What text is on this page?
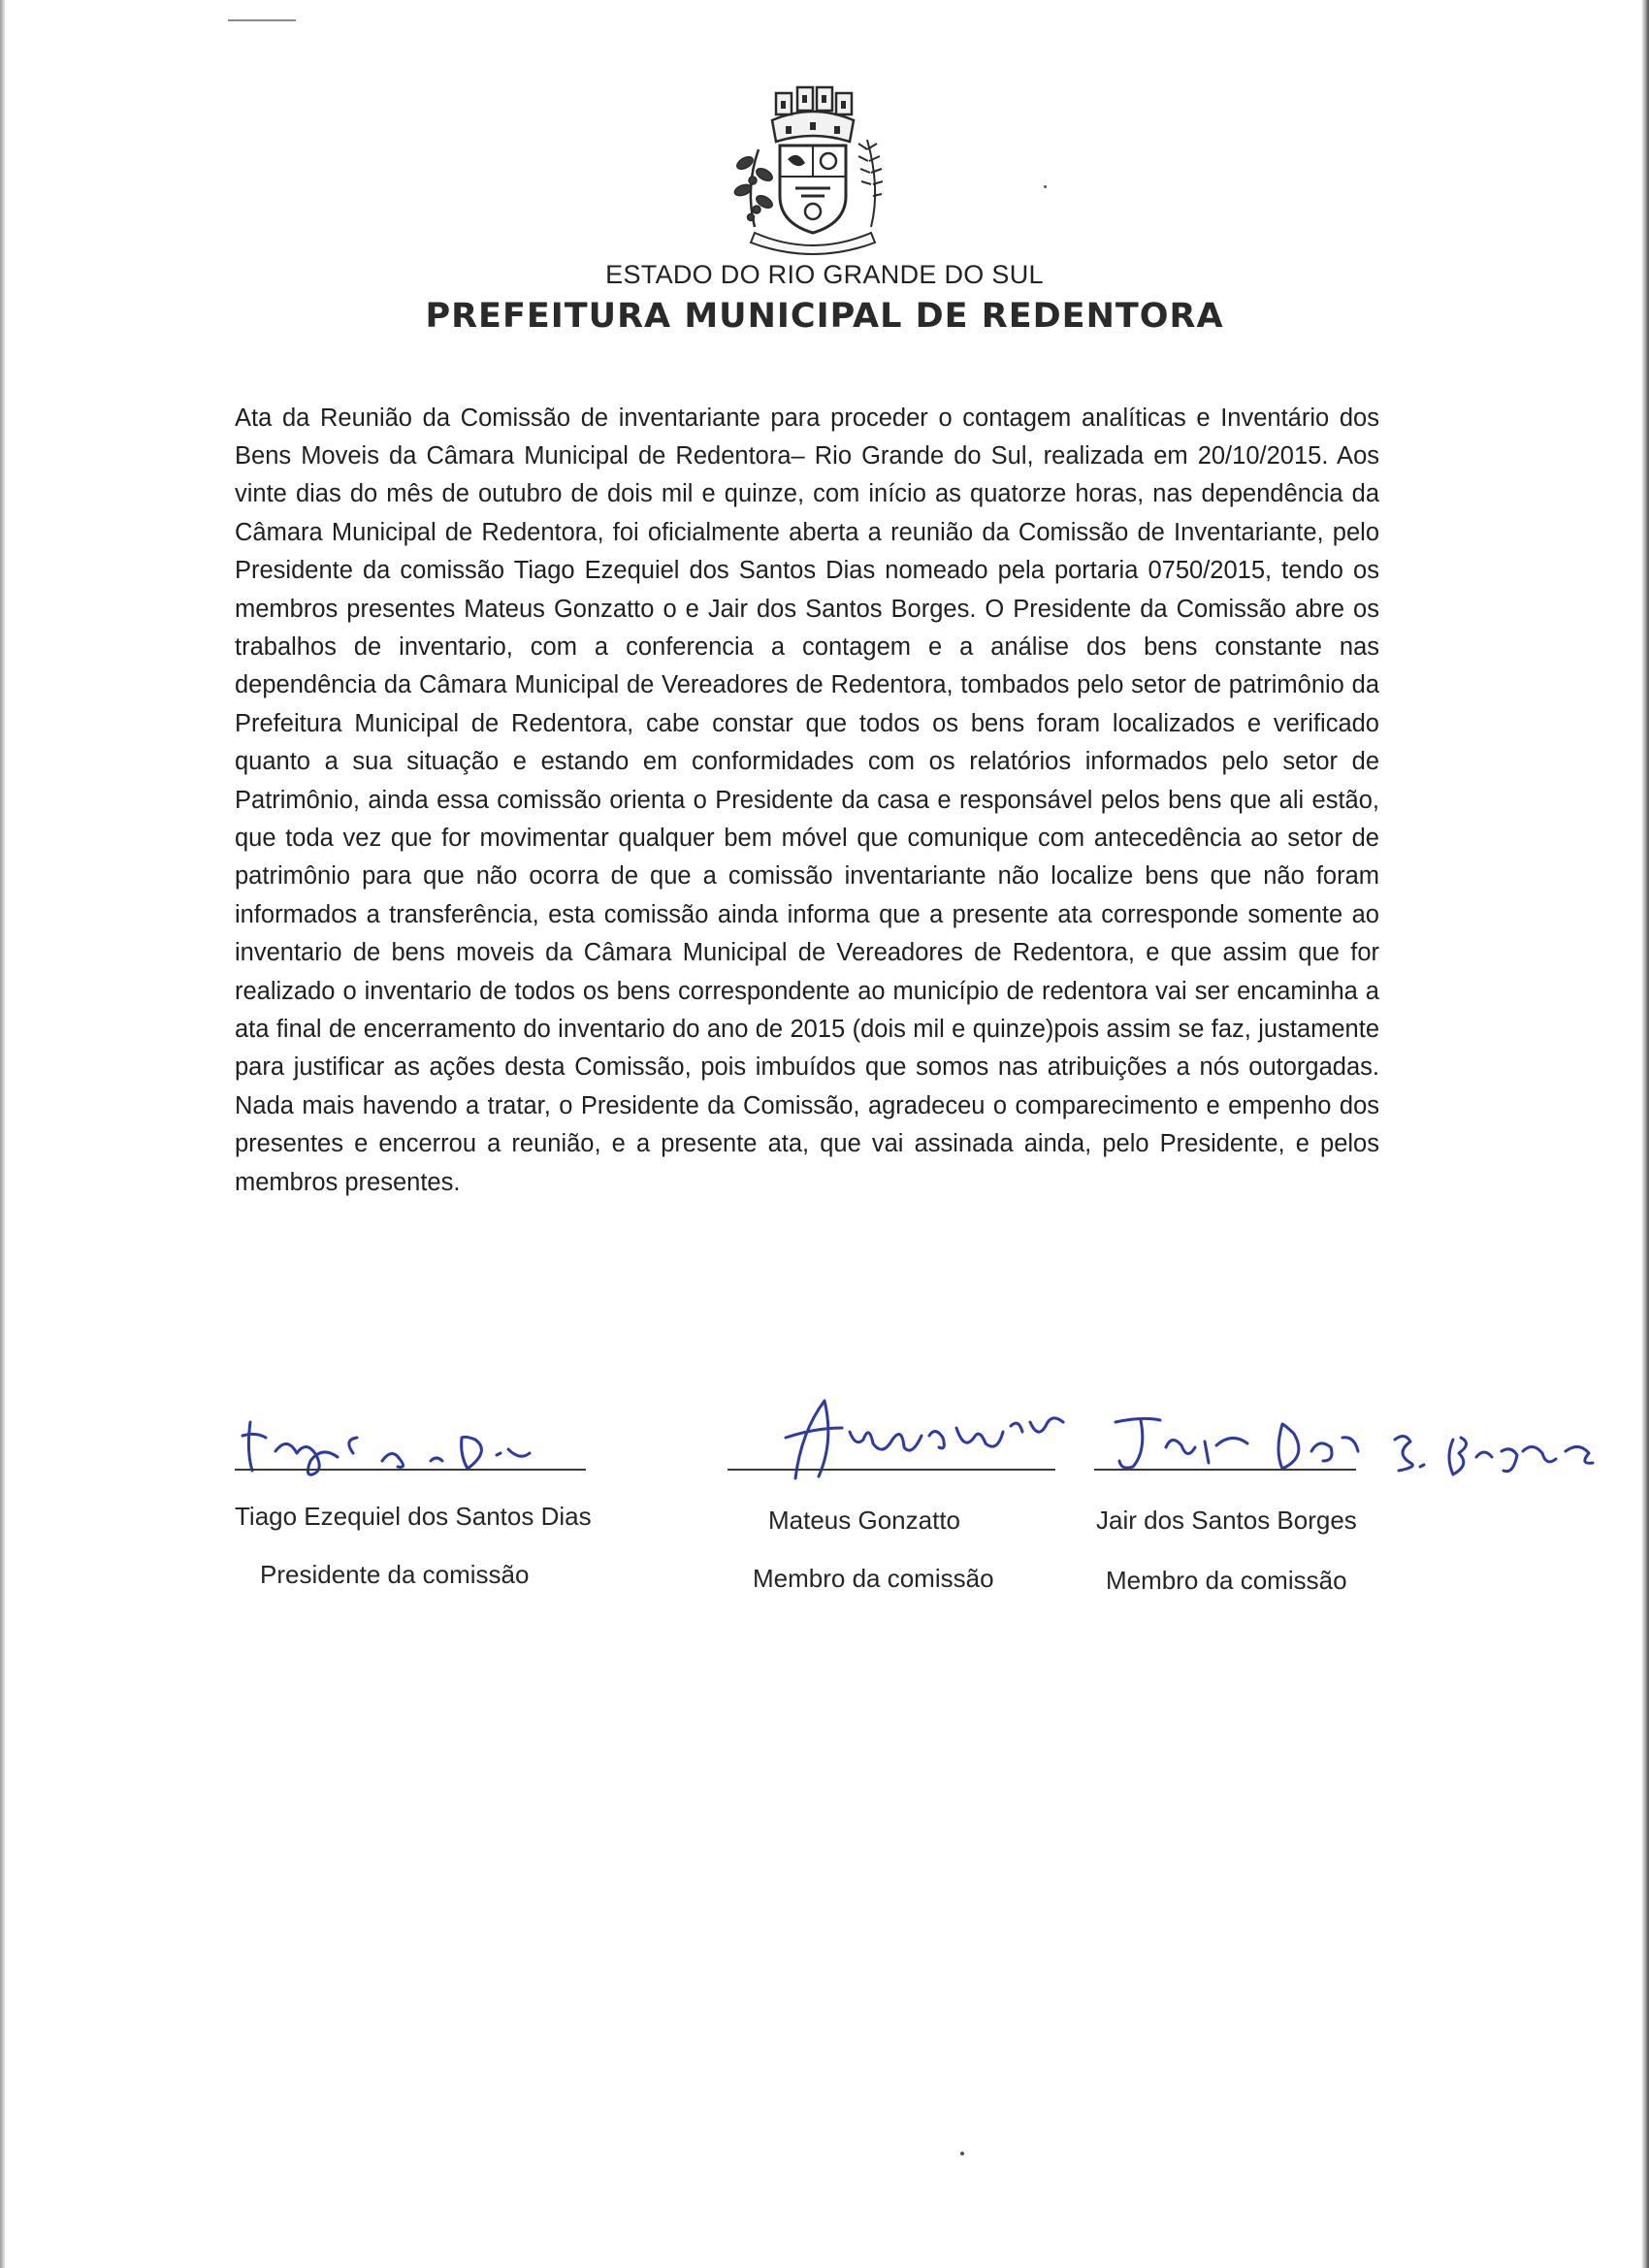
ESTADO DO RIO GRANDE DO SUL
PREFEITURA MUNICIPAL DE REDENTORA

Ata da Reunião da Comissão de inventariante para proceder o contagem analíticas e Inventário dos Bens Moveis da Câmara Municipal de Redentora– Rio Grande do Sul, realizada em 20/10/2015. Aos vinte dias do mês de outubro de dois mil e quinze, com início as quatorze horas, nas dependência da Câmara Municipal de Redentora, foi oficialmente aberta a reunião da Comissão de Inventariante, pelo Presidente da comissão Tiago Ezequiel dos Santos Dias nomeado pela portaria 0750/2015, tendo os membros presentes Mateus Gonzatto o e Jair dos Santos Borges. O Presidente da Comissão abre os trabalhos de inventario, com a conferencia a contagem e a análise dos bens constante nas dependência da Câmara Municipal de Vereadores de Redentora, tombados pelo setor de patrimônio da Prefeitura Municipal de Redentora, cabe constar que todos os bens foram localizados e verificado quanto a sua situação e estando em conformidades com os relatórios informados pelo setor de Patrimônio, ainda essa comissão orienta o Presidente da casa e responsável pelos bens que ali estão, que toda vez que for movimentar qualquer bem móvel que comunique com antecedência ao setor de patrimônio para que não ocorra de que a comissão inventariante não localize bens que não foram informados a transferência, esta comissão ainda informa que a presente ata corresponde somente ao inventario de bens moveis da Câmara Municipal de Vereadores de Redentora, e que assim que for realizado o inventario de todos os bens correspondente ao município de redentora vai ser encaminha a ata final de encerramento do inventario do ano de 2015 (dois mil e quinze)pois assim se faz, justamente para justificar as ações desta Comissão, pois imbuídos que somos nas atribuições a nós outorgadas. Nada mais havendo a tratar, o Presidente da Comissão, agradeceu o comparecimento e empenho dos presentes e encerrou a reunião, e a presente ata, que vai assinada ainda, pelo Presidente, e pelos membros presentes.

Tiago Ezequiel dos Santos Dias
Presidente da comissão
Mateus Gonzatto
Membro da comissão
Jair dos Santos Borges
Membro da comissão
